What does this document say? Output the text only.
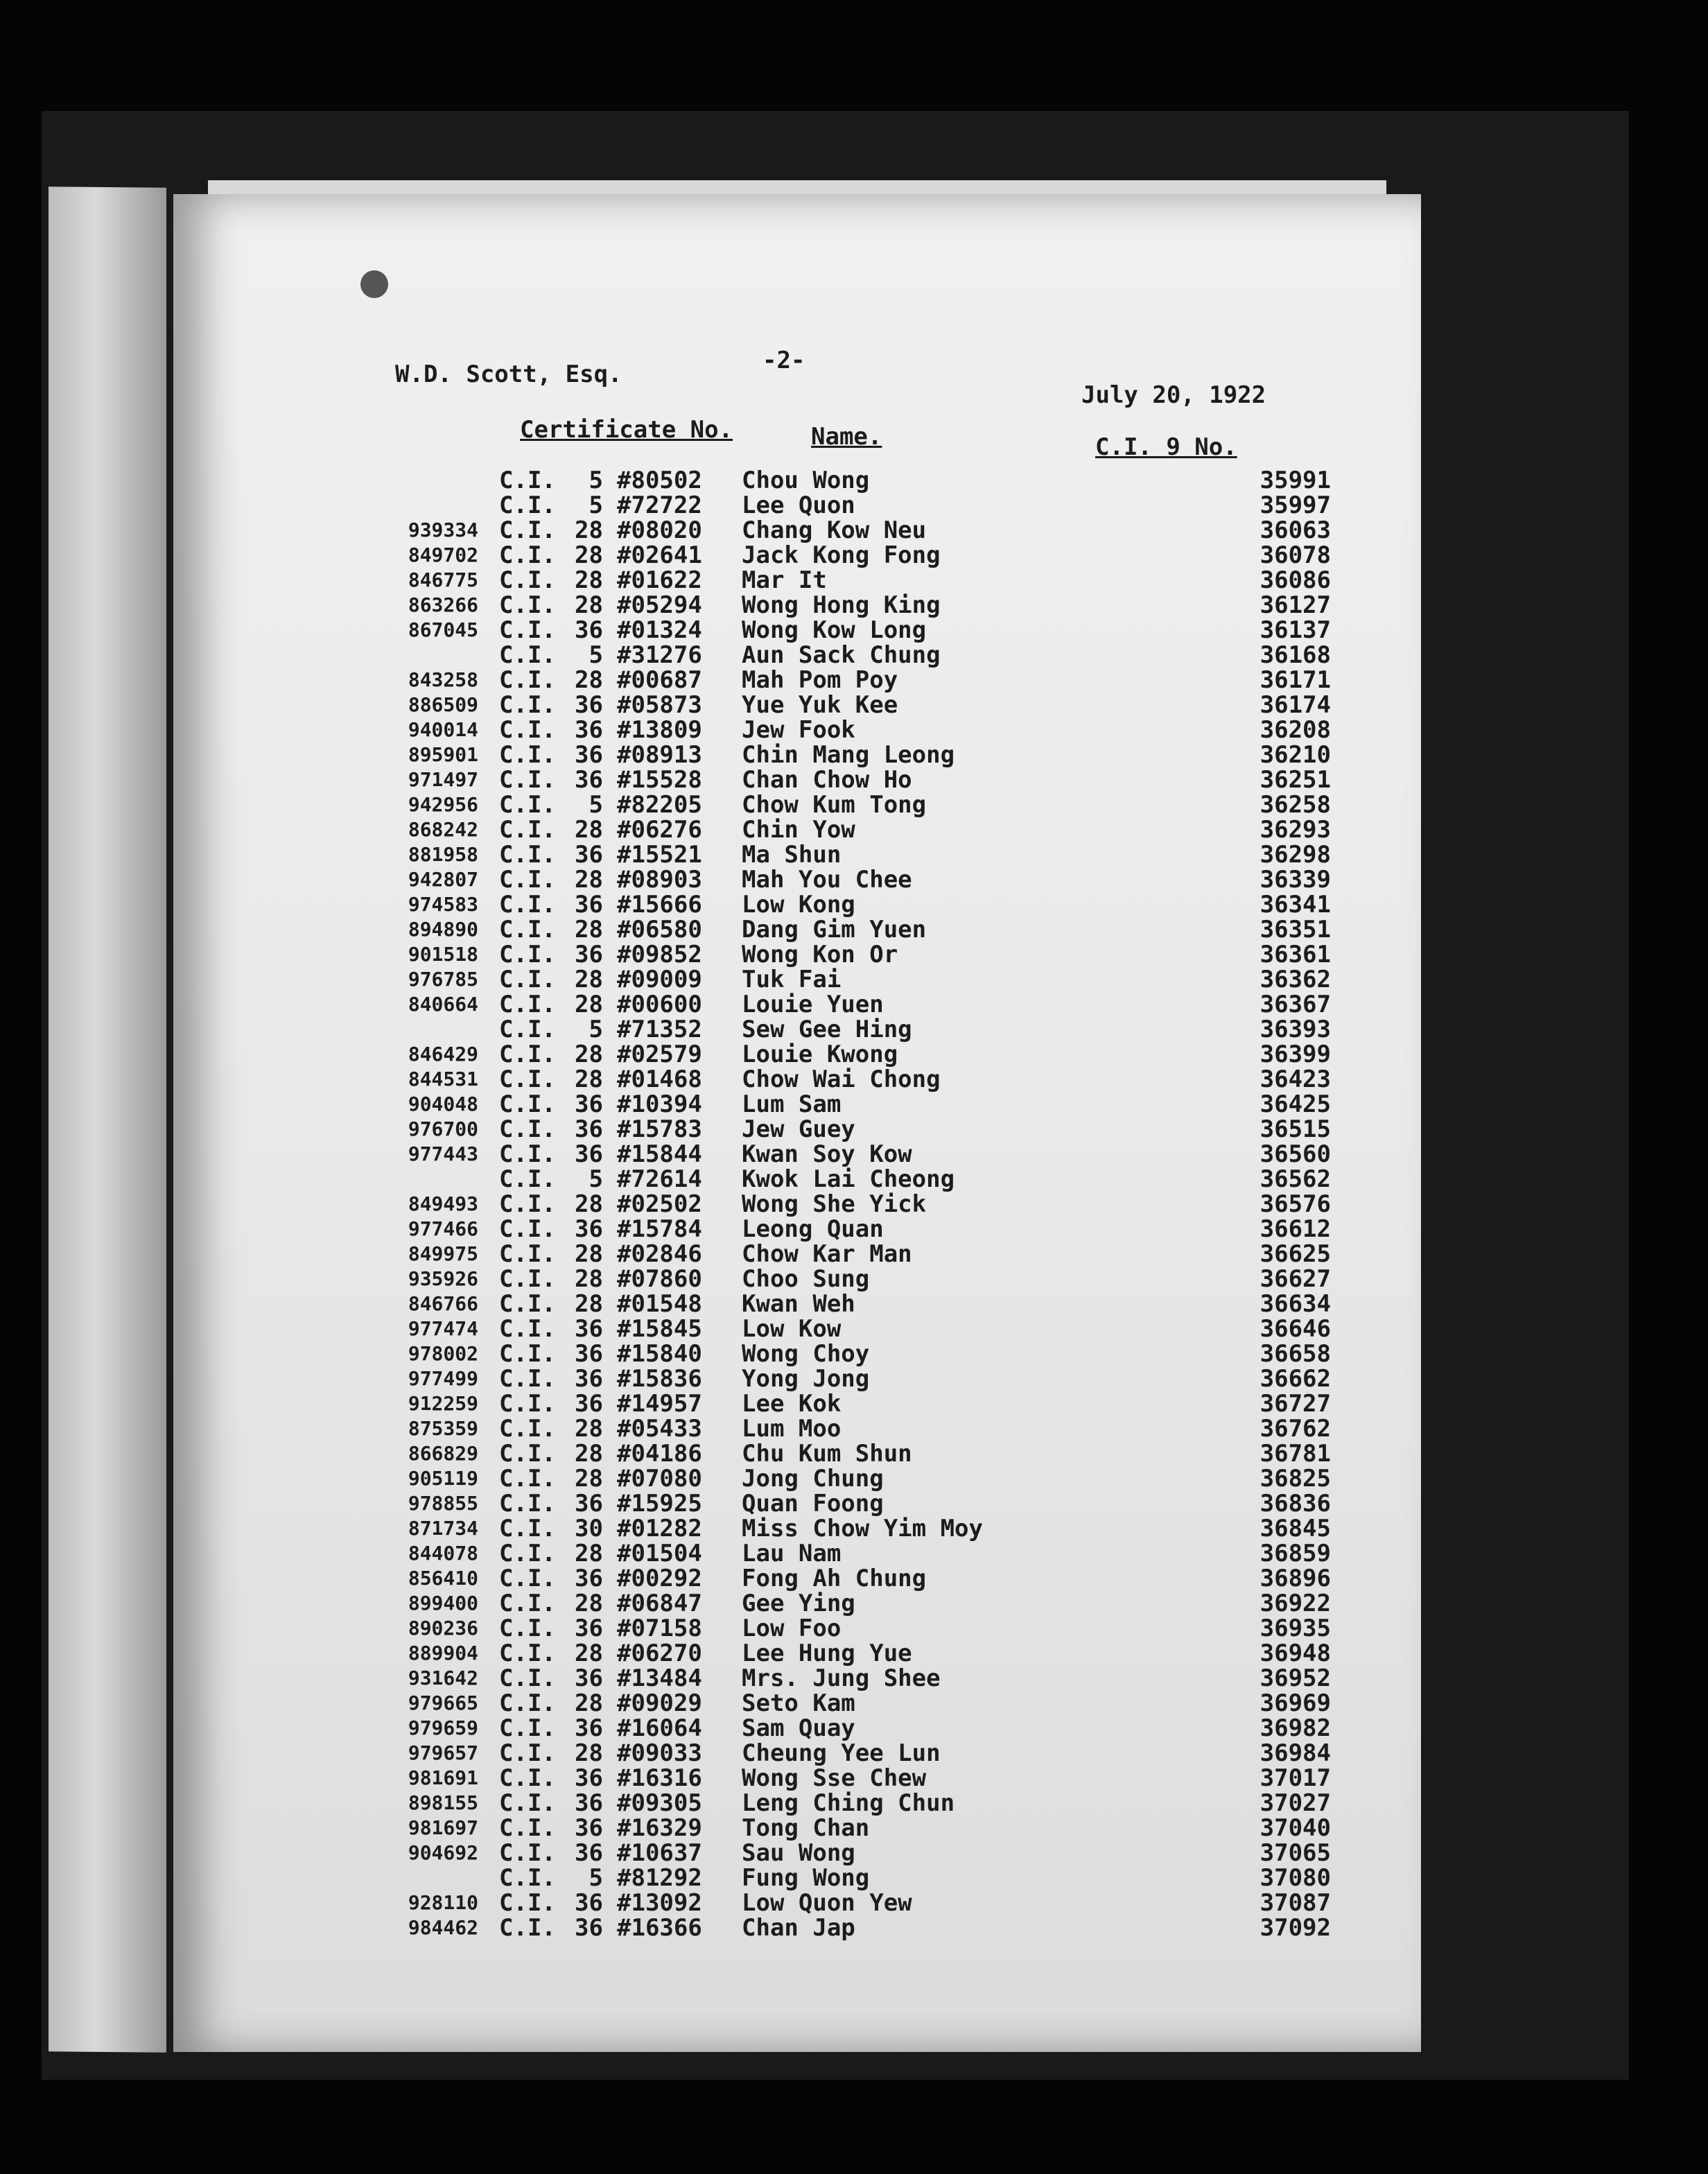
W.D. Scott, Esq.	-2-
July 20, 1922
Certificate No.	Name.	C.I. 9 No.
C.I.	5 #80502 Chou Wong	35991
C.I.	5 #72722 Lee Quon	35997
939334 C.I. 28 #08020 Chang Kow Neu	36063
849702 C.I. 28 #02641 Jack Kong Fong	36078
846775 C.I. 28 #01622 Mar It	36086
863266 C.I. 28 #05294 Wong Hong King	36127
867045 C.I. 36 #01324 Wong Kow Long	36137
C.I.	5 #31276 Aun Sack Chung	36168
843258 C.I. 28 #00687 Mah Pom Poy	36171
886509 C.I. 36 #05873 Yue Yuk Kee	36174
940014 C.I. 36 #13809 Jew Fook	36208
895901 C.I. 36 #08913 Chin Mang Leong	36210
971497 C.I. 36 #15528 Chan Chow Ho	36251
942956 C.I.	5 #82205 Chow Kum Tong	36258
868242 C.I. 28 #06276 Chin Yow	36293
881958 C.I. 36 #15521 Ma Shun	36298
942807 C.I. 28 #08903 Mah You Chee	36339
974583 C.I. 36 #15666 Low Kong	36341
894890 C.I. 28 #06580 Dang Gim Yuen	36351
901518 C.I. 36 #09852 Wong Kon Or	36361
976785 C.I. 28 #09009 Tuk Fai	36362
840664 C.I. 28 #00600 Louie Yuen	36367
C.I.	5 #71352 Sew Gee Hing	36393
846429 C.I. 28 #02579 Louie Kwong	36399
844531 C.I. 28 #01468 Chow Wai Chong	36423
904048 C.I. 36 #10394 Lum Sam	36425
976700 C.I. 36 #15783 Jew Guey	36515
977443 C.I. 36 #15844 Kwan Soy Kow	36560
C.I.	5 #72614 Kwok Lai Cheong	36562
849493 C.I. 28 #02502 Wong She Yick	36576
977466 C.I. 36 #15784 Leong Quan	36612
849975 C.I. 28 #02846 Chow Kar Man	36625
935926 C.I. 28 #07860 Choo Sung	36627
846766 C.I. 28 #01548 Kwan Weh	36634
977474 C.I. 36 #15845 Low Kow	36646
978002 C.I. 36 #15840 Wong Choy	36658
977499 C.I. 36 #15836 Yong Jong	36662
912259 C.I. 36 #14957 Lee Kok	36727
875359 C.I. 28 #05433 Lum Moo	36762
866829 C.I. 28 #04186 Chu Kum Shun	36781
905119 C.I. 28 #07080 Jong Chung	36825
978855 C.I. 36 #15925 Quan Foong	36836
871734 C.I. 30 #01282 Miss Chow Yim Moy	36845
844078 C.I. 28 #01504 Lau Nam	36859
856410 C.I. 36 #00292 Fong Ah Chung	36896
899400 C.I. 28 #06847 Gee Ying	36922
890236 C.I. 36 #07158 Low Foo	36935
889904 C.I. 28 #06270 Lee Hung Yue	36948
931642 C.I. 36 #13484 Mrs. Jung Shee	36952
979665 C.I. 28 #09029 Seto Kam	36969
979659 C.I. 36 #16064 Sam Quay	36982
979657 C.I. 28 #09033 Cheung Yee Lun	36984
981691 C.I. 36 #16316 Wong Sse Chew	37017
898155 C.I. 36 #09305 Leng Ching Chun	37027
981697 C.I. 36 #16329 Tong Chan	37040
904692 C.I. 36 #10637 Sau Wong	37065
C.I.	5 #81292 Fung Wong	37080
928110 C.I. 36 #13092 Low Quon Yew	37087
984462 C.I. 36 #16366 Chan Jap	37092
